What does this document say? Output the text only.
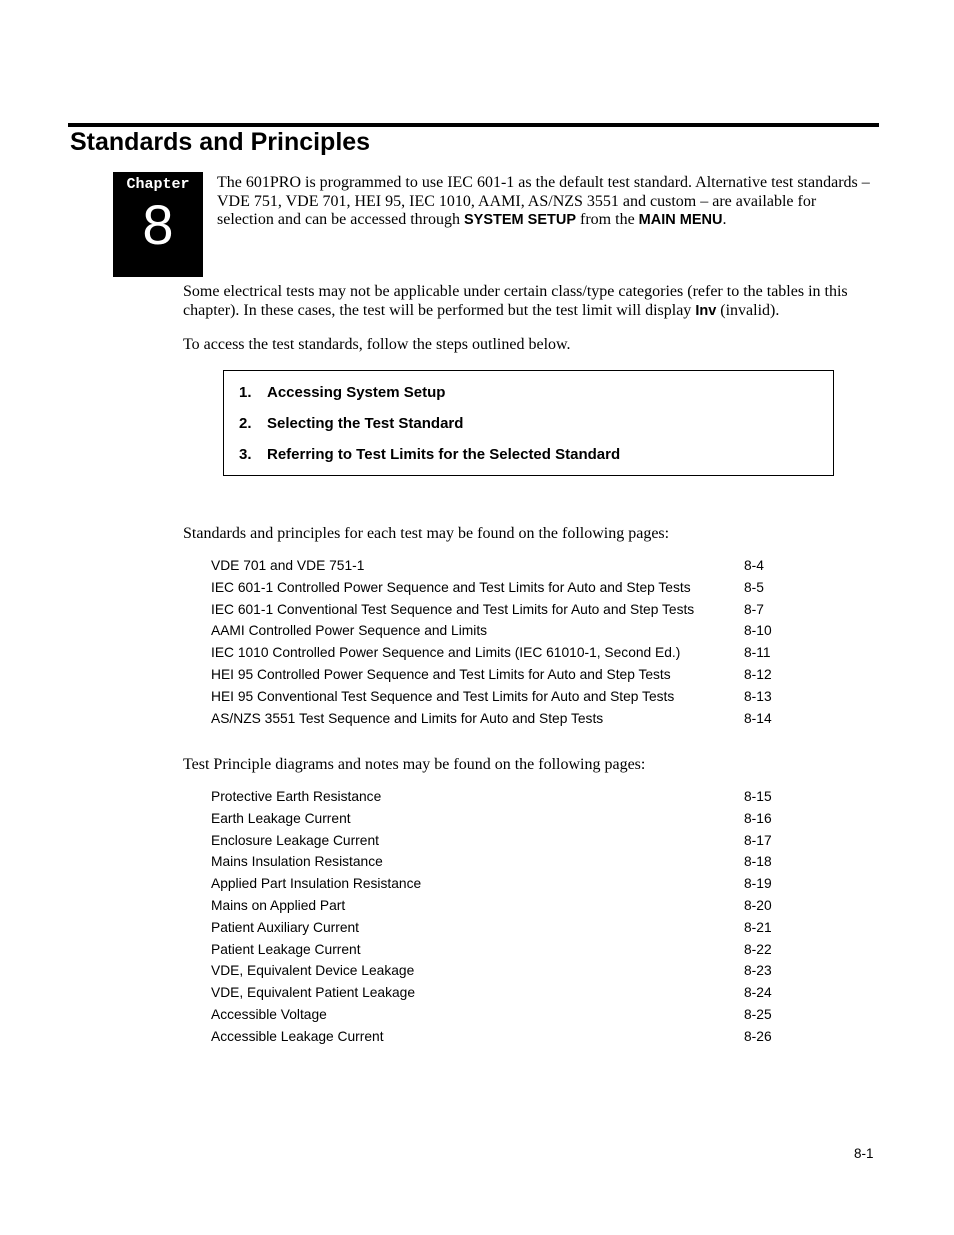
Standards and Principles
Chapter
8

The 601PRO is programmed to use IEC 601-1 as the default test standard. Alternative test standards – VDE 751, VDE 701, HEI 95, IEC 1010, AAMI, AS/NZS 3551 and custom – are available for selection and can be accessed through SYSTEM SETUP from the MAIN MENU.

Some electrical tests may not be applicable under certain class/type categories (refer to the tables in this chapter). In these cases, the test will be performed but the test limit will display Inv (invalid).

To access the test standards, follow the steps outlined below.

1. Accessing System Setup
2. Selecting the Test Standard
3. Referring to Test Limits for the Selected Standard

Standards and principles for each test may be found on the following pages:

VDE 701 and VDE 751-1	8-4
IEC 601-1 Controlled Power Sequence and Test Limits for Auto and Step Tests	8-5
IEC 601-1 Conventional Test Sequence and Test Limits for Auto and Step Tests	8-7
AAMI Controlled Power Sequence and Limits	8-10
IEC 1010 Controlled Power Sequence and Limits (IEC 61010-1, Second Ed.)	8-11
HEI 95 Controlled Power Sequence and Test Limits for Auto and Step Tests	8-12
HEI 95 Conventional Test Sequence and Test Limits for Auto and Step Tests	8-13
AS/NZS 3551 Test Sequence and Limits for Auto and Step Tests	8-14

Test Principle diagrams and notes may be found on the following pages:

Protective Earth Resistance	8-15
Earth Leakage Current	8-16
Enclosure Leakage Current	8-17
Mains Insulation Resistance	8-18
Applied Part Insulation Resistance	8-19
Mains on Applied Part	8-20
Patient Auxiliary Current	8-21
Patient Leakage Current	8-22
VDE, Equivalent Device Leakage	8-23
VDE, Equivalent Patient Leakage	8-24
Accessible Voltage	8-25
Accessible Leakage Current	8-26
8-1
